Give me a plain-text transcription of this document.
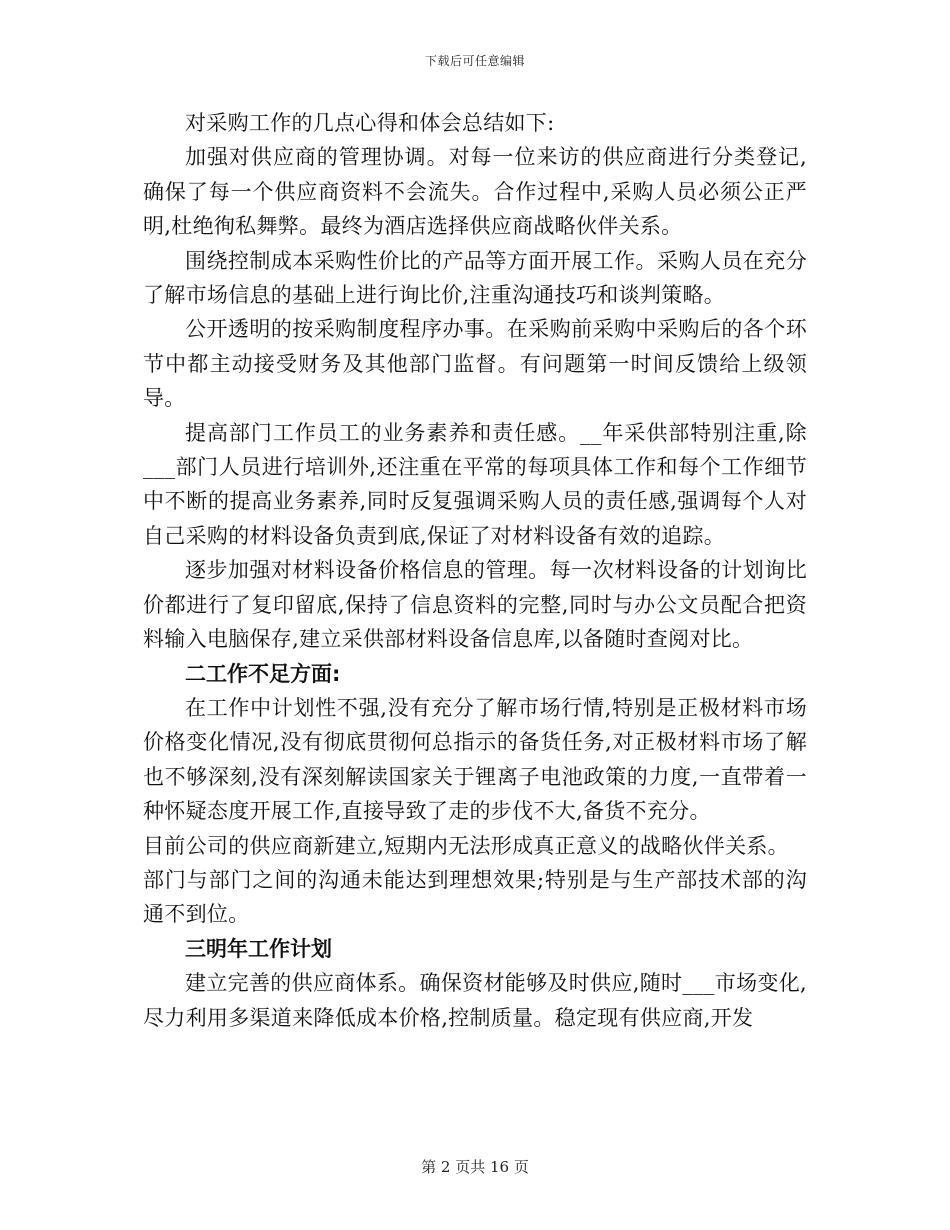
下载后可任意编辑

对采购工作的几点心得和体会总结如下:

加强对供应商的管理协调。对每一位来访的供应商进行分类登记,确保了每一个供应商资料不会流失。合作过程中,采购人员必须公正严明,杜绝徇私舞弊。最终为酒店选择供应商战略伙伴关系。

围绕控制成本采购性价比的产品等方面开展工作。采购人员在充分了解市场信息的基础上进行询比价,注重沟通技巧和谈判策略。

公开透明的按采购制度程序办事。在采购前采购中采购后的各个环节中都主动接受财务及其他部门监督。有问题第一时间反馈给上级领导。

提高部门工作员工的业务素养和责任感。__年采供部特别注重,除___部门人员进行培训外,还注重在平常的每项具体工作和每个工作细节中不断的提高业务素养,同时反复强调采购人员的责任感,强调每个人对自己采购的材料设备负责到底,保证了对材料设备有效的追踪。

逐步加强对材料设备价格信息的管理。每一次材料设备的计划询比价都进行了复印留底,保持了信息资料的完整,同时与办公文员配合把资料输入电脑保存,建立采供部材料设备信息库,以备随时查阅对比。

二工作不足方面:

在工作中计划性不强,没有充分了解市场行情,特别是正极材料市场价格变化情况,没有彻底贯彻何总指示的备货任务,对正极材料市场了解也不够深刻,没有深刻解读国家关于锂离子电池政策的力度,一直带着一种怀疑态度开展工作,直接导致了走的步伐不大,备货不充分。

目前公司的供应商新建立,短期内无法形成真正意义的战略伙伴关系。

部门与部门之间的沟通未能达到理想效果;特别是与生产部技术部的沟通不到位。

三明年工作计划

建立完善的供应商体系。确保资材能够及时供应,随时___市场变化,尽力利用多渠道来降低成本价格,控制质量。稳定现有供应商,开发

第 2 页共 16 页
